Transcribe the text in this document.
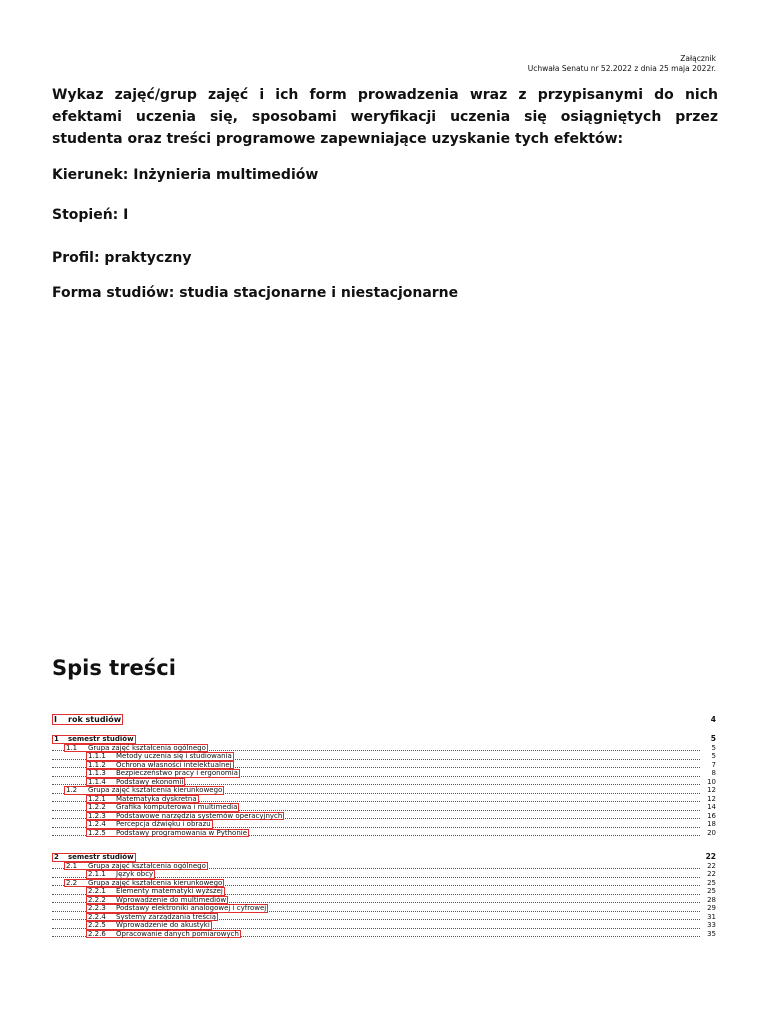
Załącznik
Uchwała Senatu nr 52.2022 z dnia 25 maja 2022r.
Wykaz zajęć/grup zajęć i ich form prowadzenia wraz z przypisanymi do nich efektami uczenia się, sposobami weryfikacji uczenia się osiągniętych przez studenta oraz treści programowe zapewniające uzyskanie tych efektów:
Kierunek: Inżynieria multimediów
Stopień: I
Profil: praktyczny
Forma studiów: studia stacjonarne i niestacjonarne
Spis treści
I rok studiów	4
1 semestr studiów	5
1.1 Grupa zajęć kształcenia ogólnego	5
1.1.1 Metody uczenia się i studiowania	5
1.1.2 Ochrona własności intelektualnej	7
1.1.3 Bezpieczeństwo pracy i ergonomia	8
1.1.4 Podstawy ekonomii	10
1.2 Grupa zajęć kształcenia kierunkowego	12
1.2.1 Matematyka dyskretna	12
1.2.2 Grafika komputerowa i multimedia	14
1.2.3 Podstawowe narzędzia systemów operacyjnych	16
1.2.4 Percepcja dźwięku i obrazu	18
1.2.5 Podstawy programowania w Pythonie	20
2 semestr studiów	22
2.1 Grupa zajęć kształcenia ogólnego	22
2.1.1 Język obcy	22
2.2 Grupa zajęć kształcenia kierunkowego	25
2.2.1 Elementy matematyki wyższej	25
2.2.2 Wprowadzenie do multimediów	28
2.2.3 Podstawy elektroniki analogowej i cyfrowej	29
2.2.4 Systemy zarządzania treścią	31
2.2.5 Wprowadzenie do akustyki	33
2.2.6 Opracowanie danych pomiarowych	35
